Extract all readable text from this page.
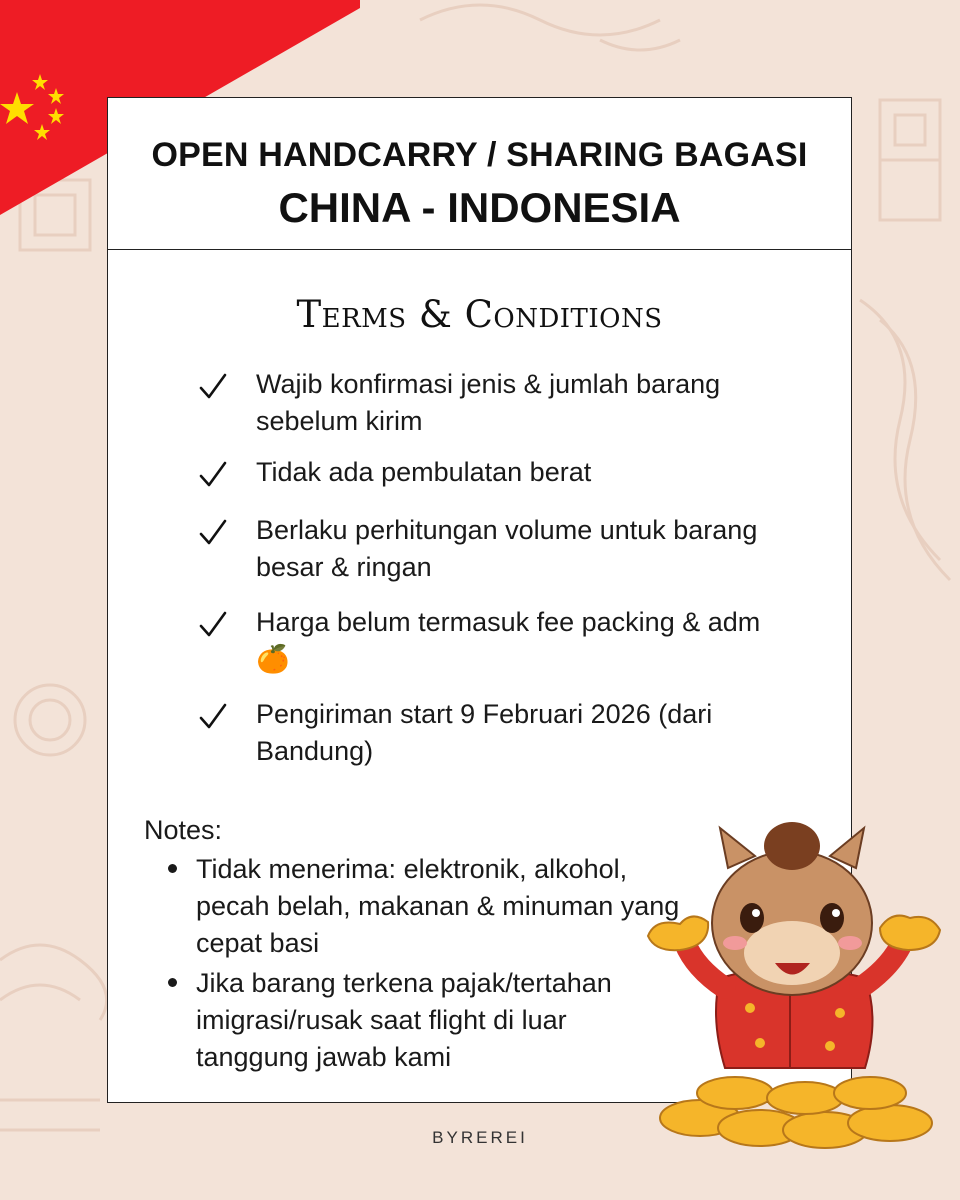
OPEN HANDCARRY / SHARING BAGASI
CHINA - INDONESIA
Terms & Conditions
Wajib konfirmasi jenis & jumlah barang sebelum kirim
Tidak ada pembulatan berat
Berlaku perhitungan volume untuk barang besar & ringan
Harga belum termasuk fee packing & adm 🍊
Pengiriman start 9 Februari 2026 (dari Bandung)
Notes:
Tidak menerima: elektronik, alkohol, pecah belah, makanan & minuman yang cepat basi
Jika barang terkena pajak/tertahan imigrasi/rusak saat flight di luar tanggung jawab kami
BYREREI
